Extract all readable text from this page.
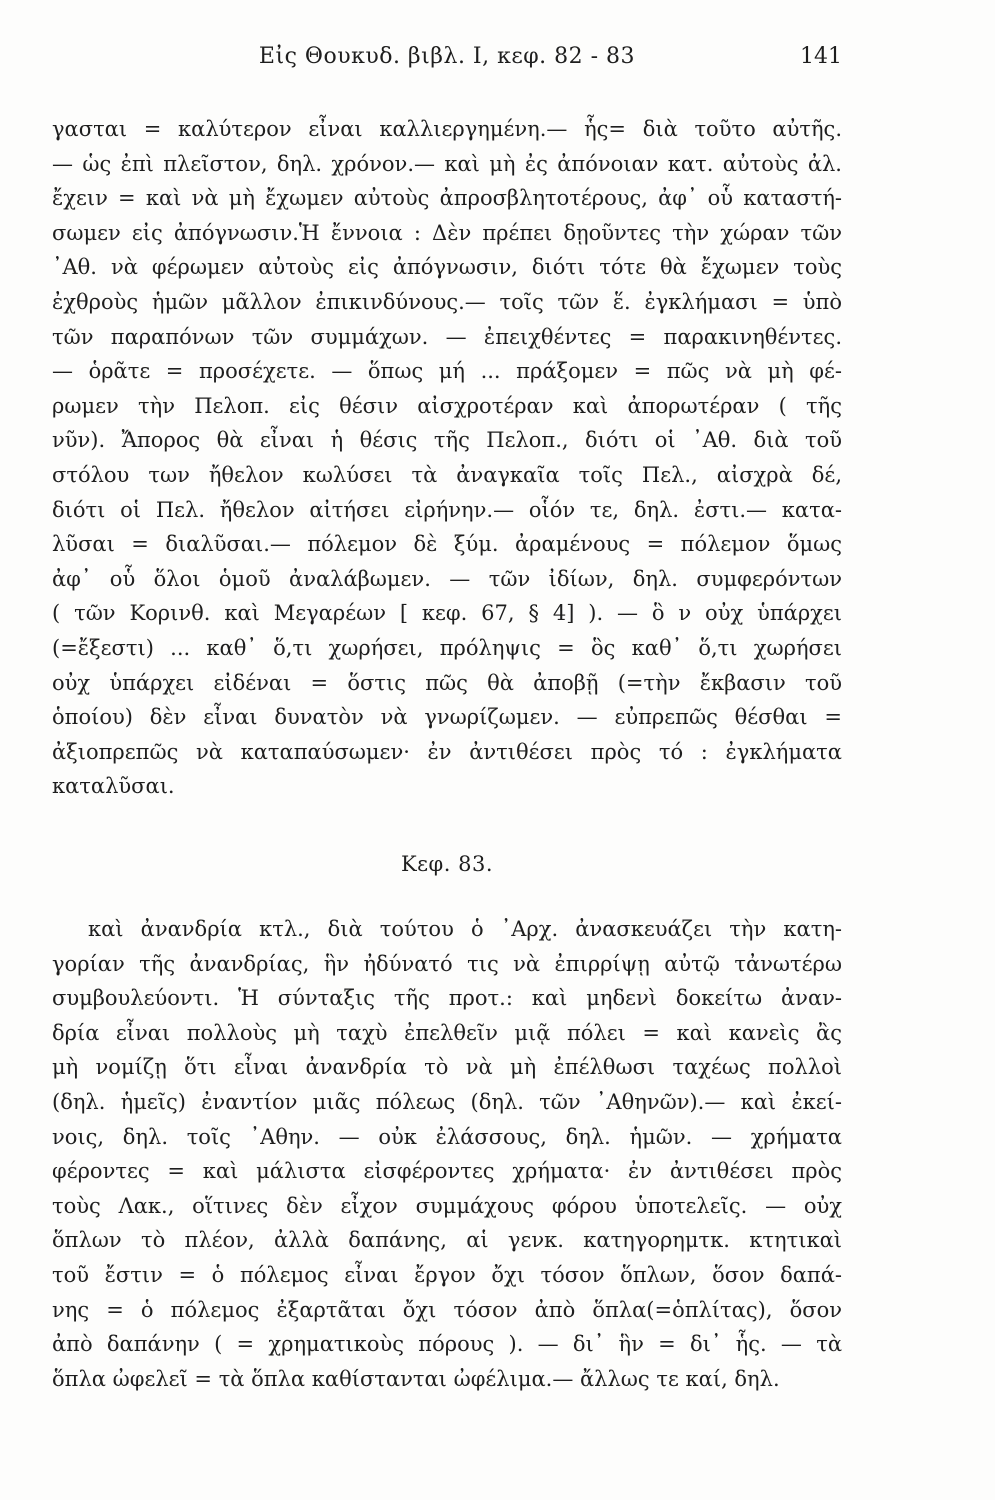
Εἰς Θουκυδ. βιβλ. Ι, κεφ. 82 - 83	141
γασται = καλύτερον εἶναι καλλιεργημένη.— ἧς= διὰ τοῦτο αὐτῆς.
— ὡς ἐπὶ πλεῖστον, δηλ. χρόνον.— καὶ μὴ ἐς ἀπόνοιαν κατ. αὐτοὺς ἀλ.
ἔχειν = καὶ νὰ μὴ ἔχωμεν αὐτοὺς ἀπροσβλητοτέρους, ἀφ᾿ οὗ καταστή-
σωμεν εἰς ἀπόγνωσιν.Ἡ ἔννοια : Δὲν πρέπει δῃοῦντες τὴν χώραν τῶν
᾿Αθ. νὰ φέρωμεν αὐτοὺς εἰς ἀπόγνωσιν, διότι τότε θὰ ἔχωμεν τοὺς
ἐχθροὺς ἡμῶν μᾶλλον ἐπικινδύνους.— τοῖς τῶν ἕ. ἐγκλήμασι = ὑπὸ
τῶν παραπόνων τῶν συμμάχων. — ἐπειχθέντες = παρακινηθέντες.
— ὁρᾶτε = προσέχετε. — ὅπως μή ... πράξομεν = πῶς νὰ μὴ φέ-
ρωμεν τὴν Πελοπ. εἰς θέσιν αἰσχροτέραν καὶ ἀπορωτέραν ( τῆς
νῦν). Ἄπορος θὰ εἶναι ἡ θέσις τῆς Πελοπ., διότι οἱ ᾿Αθ. διὰ τοῦ
στόλου των ἤθελον κωλύσει τὰ ἀναγκαῖα τοῖς Πελ., αἰσχρὰ δέ,
διότι οἱ Πελ. ἤθελον αἰτήσει εἰρήνην.— οἷόν τε, δηλ. ἐστι.— κατα-
λῦσαι = διαλῦσαι.— πόλεμον δὲ ξύμ. ἀραμένους = πόλεμον ὅμως
ἀφ᾿ οὗ ὅλοι ὁμοῦ ἀναλάβωμεν. — τῶν ἰδίων, δηλ. συμφερόντων
( τῶν Κορινθ. καὶ Μεγαρέων [ κεφ. 67, § 4] ). — ὃ ν οὐχ ὑπάρχει
(=ἔξεστι) ... καθ᾿ ὅ,τι χωρήσει, πρόληψις = ὃς καθ᾿ ὅ,τι χωρήσει
οὐχ ὑπάρχει εἰδέναι = ὅστις πῶς θὰ ἀποβῇ (=τὴν ἔκβασιν τοῦ
ὁποίου) δὲν εἶναι δυνατὸν νὰ γνωρίζωμεν. — εὐπρεπῶς θέσθαι =
ἀξιοπρεπῶς νὰ καταπαύσωμεν· ἐν ἀντιθέσει πρὸς τό : ἐγκλήματα
καταλῦσαι.
Κεφ. 83.
καὶ ἀνανδρία κτλ., διὰ τούτου ὁ ᾿Αρχ. ἀνασκευάζει τὴν κατη-
γορίαν τῆς ἀνανδρίας, ἣν ἠδύνατό τις νὰ ἐπιρρίψῃ αὐτῷ τἀνωτέρω
συμβουλεύοντι. Ἡ σύνταξις τῆς προτ.: καὶ μηδενὶ δοκείτω ἀναν-
δρία εἶναι πολλοὺς μὴ ταχὺ ἐπελθεῖν μιᾷ πόλει = καὶ κανεὶς ἂς
μὴ νομίζῃ ὅτι εἶναι ἀνανδρία τὸ νὰ μὴ ἐπέλθωσι ταχέως πολλοὶ
(δηλ. ἡμεῖς) ἐναντίον μιᾶς πόλεως (δηλ. τῶν ᾿Αθηνῶν).— καὶ ἐκεί-
νοις, δηλ. τοῖς ᾿Αθην. — οὐκ ἐλάσσους, δηλ. ἡμῶν. — χρήματα
φέροντες = καὶ μάλιστα εἰσφέροντες χρήματα· ἐν ἀντιθέσει πρὸς
τοὺς Λακ., οἵτινες δὲν εἶχον συμμάχους φόρου ὑποτελεῖς. — οὐχ
ὅπλων τὸ πλέον, ἀλλὰ δαπάνης, αἱ γενκ. κατηγορημτκ. κτητικαὶ
τοῦ ἔστιν = ὁ πόλεμος εἶναι ἔργον ὄχι τόσον ὅπλων, ὅσον δαπά-
νης = ὁ πόλεμος ἐξαρτᾶται ὄχι τόσον ἀπὸ ὅπλα(=ὁπλίτας), ὅσον
ἀπὸ δαπάνην ( = χρηματικοὺς πόρους ). — δι᾿ ἣν = δι᾿ ἧς. — τὰ
ὅπλα ὠφελεῖ = τὰ ὅπλα καθίστανται ὠφέλιμα.— ἄλλως τε καί, δηλ.
